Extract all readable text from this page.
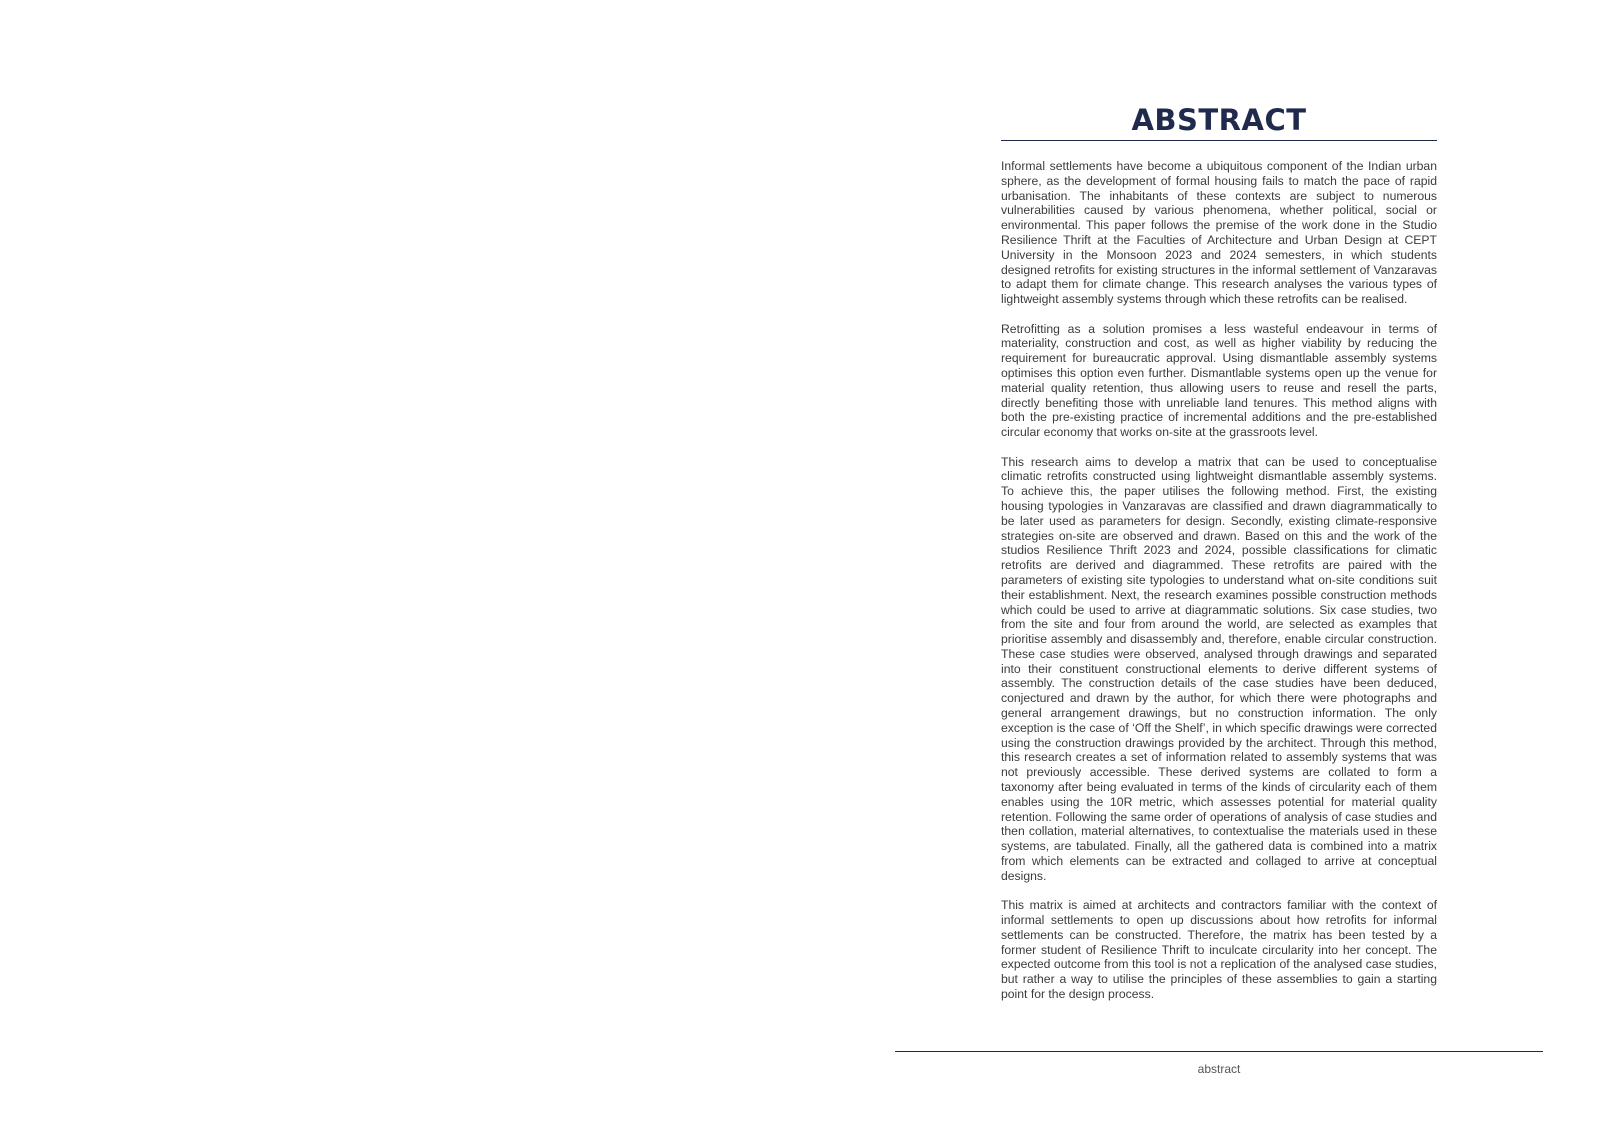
ABSTRACT

Informal settlements have become a ubiquitous component of the Indian urban sphere, as the development of formal housing fails to match the pace of rapid urbanisation. The inhabitants of these contexts are subject to numerous vulnerabilities caused by various phenomena, whether political, social or environmental. This paper follows the premise of the work done in the Studio Resilience Thrift at the Faculties of Architecture and Urban Design at CEPT University in the Monsoon 2023 and 2024 semesters, in which students designed retrofits for existing structures in the informal settlement of Vanzaravas to adapt them for climate change. This research analyses the various types of lightweight assembly systems through which these retrofits can be realised.

Retrofitting as a solution promises a less wasteful endeavour in terms of materiality, construction and cost, as well as higher viability by reducing the requirement for bureaucratic approval. Using dismantlable assembly systems optimises this option even further. Dismantlable systems open up the venue for material quality retention, thus allowing users to reuse and resell the parts, directly benefiting those with unreliable land tenures. This method aligns with both the pre-existing practice of incremental additions and the pre-established circular economy that works on-site at the grassroots level.

This research aims to develop a matrix that can be used to conceptualise climatic retrofits constructed using lightweight dismantlable assembly systems. To achieve this, the paper utilises the following method. First, the existing housing typologies in Vanzaravas are classified and drawn diagrammatically to be later used as parameters for design. Secondly, existing climate-responsive strategies on-site are observed and drawn. Based on this and the work of the studios Resilience Thrift 2023 and 2024, possible classifications for climatic retrofits are derived and diagrammed. These retrofits are paired with the parameters of existing site typologies to understand what on-site conditions suit their establishment. Next, the research examines possible construction methods which could be used to arrive at diagrammatic solutions. Six case studies, two from the site and four from around the world, are selected as examples that prioritise assembly and disassembly and, therefore, enable circular construction. These case studies were observed, analysed through drawings and separated into their constituent constructional elements to derive different systems of assembly. The construction details of the case studies have been deduced, conjectured and drawn by the author, for which there were photographs and general arrangement drawings, but no construction information. The only exception is the case of ‘Off the Shelf’, in which specific drawings were corrected using the construction drawings provided by the architect. Through this method, this research creates a set of information related to assembly systems that was not previously accessible. These derived systems are collated to form a taxonomy after being evaluated in terms of the kinds of circularity each of them enables using the 10R metric, which assesses potential for material quality retention. Following the same order of operations of analysis of case studies and then collation, material alternatives, to contextualise the materials used in these systems, are tabulated. Finally, all the gathered data is combined into a matrix from which elements can be extracted and collaged to arrive at conceptual designs.

This matrix is aimed at architects and contractors familiar with the context of informal settlements to open up discussions about how retrofits for informal settlements can be constructed. Therefore, the matrix has been tested by a former student of Resilience Thrift to inculcate circularity into her concept. The expected outcome from this tool is not a replication of the analysed case studies, but rather a way to utilise the principles of these assemblies to gain a starting point for the design process.

abstract
